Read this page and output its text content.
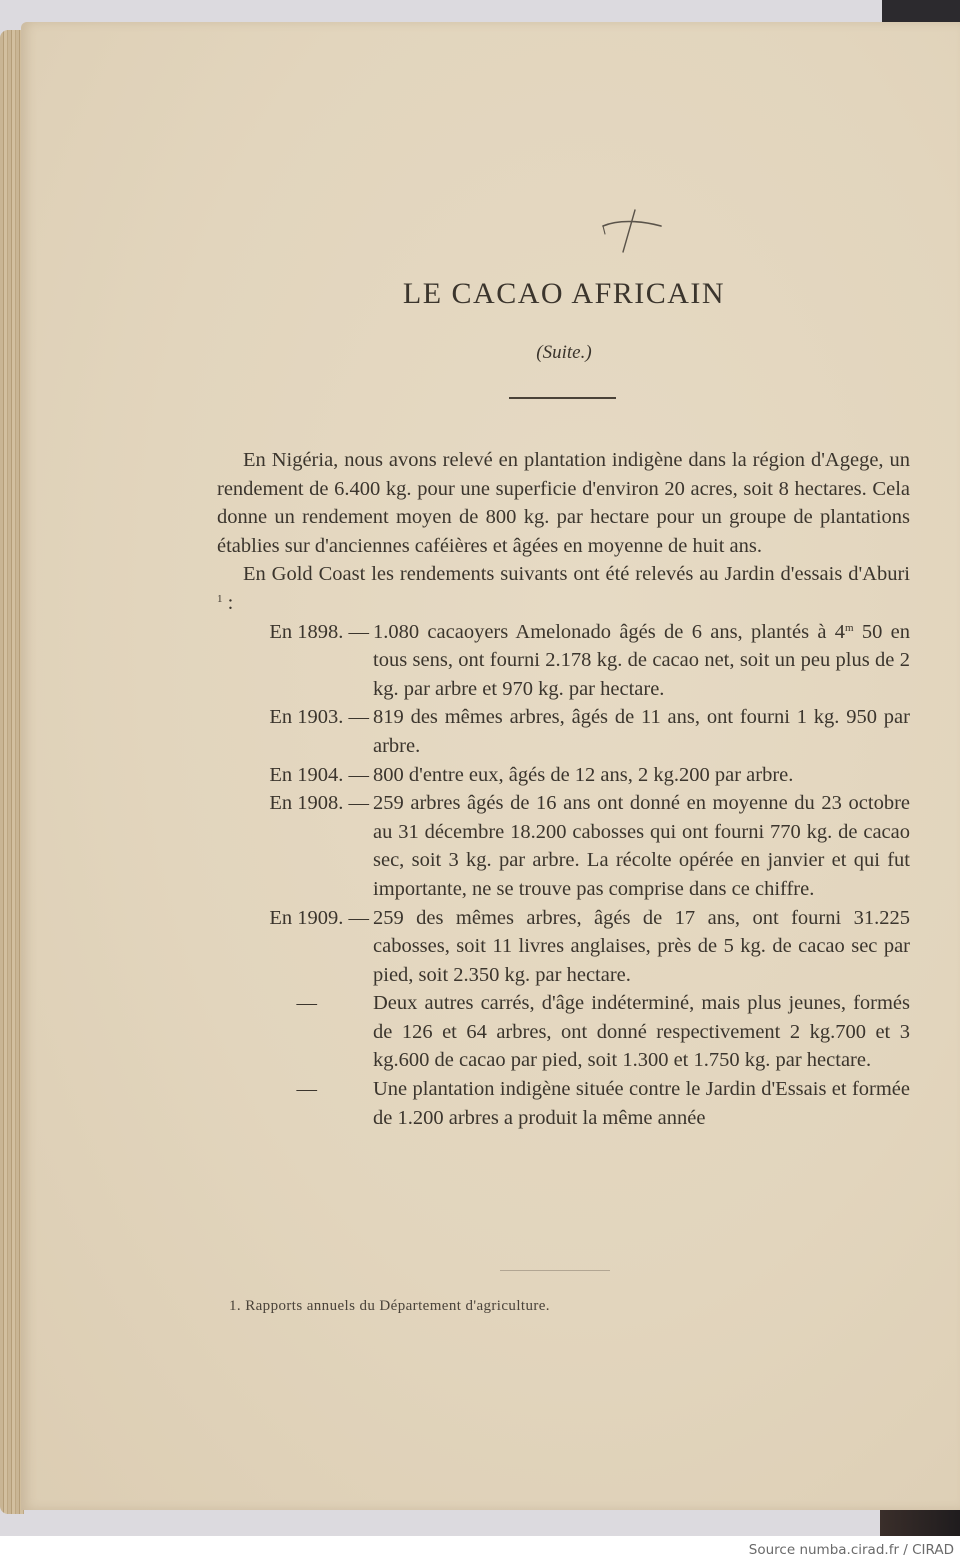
LE CACAO AFRICAIN
(Suite.)

En Nigéria, nous avons relevé en plantation indigène dans la région d'Agege, un rendement de 6.400 kg. pour une superficie d'environ 20 acres, soit 8 hectares. Cela donne un rendement moyen de 800 kg. par hectare pour un groupe de plantations établies sur d'anciennes caféières et âgées en moyenne de huit ans.

En Gold Coast les rendements suivants ont été relevés au Jardin d'essais d'Aburi $^1$ :

En 1898. — 1.080 cacaoyers Amelonado âgés de 6 ans, plantés à 4$^m$ 50 en tous sens, ont fourni 2.178 kg. de cacao net, soit un peu plus de 2 kg. par arbre et 970 kg. par hectare.

En 1903. — 819 des mêmes arbres, âgés de 11 ans, ont fourni 1 kg. 950 par arbre.

En 1904. — 800 d'entre eux, âgés de 12 ans, 2 kg.200 par arbre.

En 1908. — 259 arbres âgés de 16 ans ont donné en moyenne du 23 octobre au 31 décembre 18.200 cabosses qui ont fourni 770 kg. de cacao sec, soit 3 kg. par arbre. La récolte opérée en janvier et qui fut importante, ne se trouve pas comprise dans ce chiffre.

En 1909. — 259 des mêmes arbres, âgés de 17 ans, ont fourni 31.225 cabosses, soit 11 livres anglaises, près de 5 kg. de cacao sec par pied, soit 2.350 kg. par hectare.

—	Deux autres carrés, d'âge indéterminé, mais plus jeunes, formés de 126 et 64 arbres, ont donné respectivement 2 kg.700 et 3 kg.600 de cacao par pied, soit 1.300 et 1.750 kg. par hectare.

—	Une plantation indigène située contre le Jardin d'Essais et formée de 1.200 arbres a produit la même année

1. Rapports annuels du Département d'agriculture.
Source numba.cirad.fr / CIRAD
